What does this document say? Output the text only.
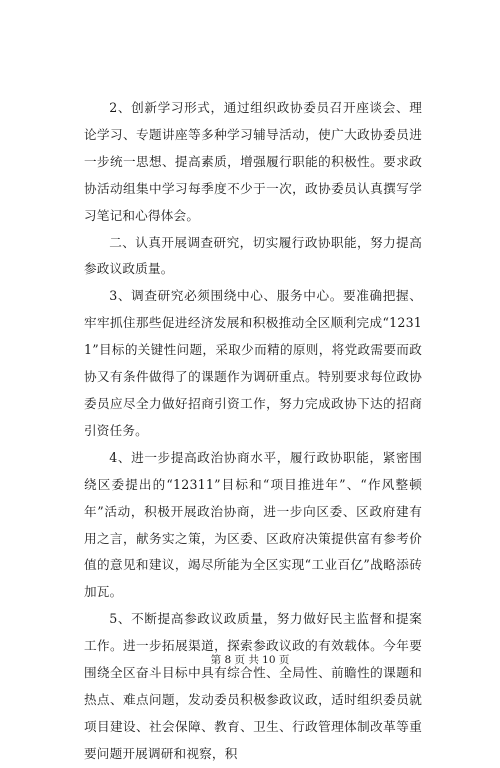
2、创新学习形式，通过组织政协委员召开座谈会、理论学习、专题讲座等多种学习辅导活动，使广大政协委员进一步统一思想、提高素质，增强履行职能的积极性。要求政协活动组集中学习每季度不少于一次，政协委员认真撰写学习笔记和心得体会。

二、认真开展调查研究，切实履行政协职能，努力提高参政议政质量。

3、调查研究必须围绕中心、服务中心。要准确把握、牢牢抓住那些促进经济发展和积极推动全区顺利完成“12311”目标的关键性问题，采取少而精的原则，将党政需要而政协又有条件做得了的课题作为调研重点。特别要求每位政协委员应尽全力做好招商引资工作，努力完成政协下达的招商引资任务。

4、进一步提高政治协商水平，履行政协职能，紧密围绕区委提出的“12311”目标和“项目推进年”、“作风整顿年”活动，积极开展政治协商，进一步向区委、区政府建有用之言，献务实之策，为区委、区政府决策提供富有参考价值的意见和建议，竭尽所能为全区实现“工业百亿”战略添砖加瓦。

5、不断提高参政议政质量，努力做好民主监督和提案工作。进一步拓展渠道，探索参政议政的有效载体。今年要围绕全区奋斗目标中具有综合性、全局性、前瞻性的课题和热点、难点问题，发动委员积极参政议政，适时组织委员就项目建设、社会保障、教育、卫生、行政管理体制改革等重要问题开展调研和视察，积

第 8 页 共 10 页
